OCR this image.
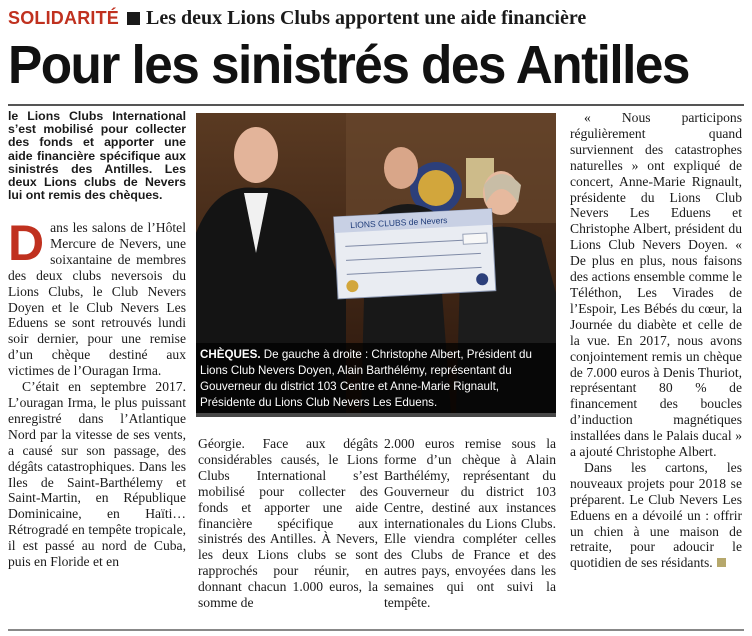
SOLIDARITÉ Les deux Lions Clubs apportent une aide financière
Pour les sinistrés des Antilles

le Lions Clubs International s’est mobilisé pour collecter des fonds et apporter une aide financière spécifique aux sinistrés des Antilles. Les deux Lions clubs de Nevers lui ont remis des chèques.

Dans les salons de l’Hôtel Mercure de Nevers, une soixantaine de membres des deux clubs neversois du Lions Clubs, le Club Nevers Doyen et le Club Nevers Les Eduens se sont retrouvés lundi soir dernier, pour une remise d’un chèque destiné aux victimes de l’Ouragan Irma.

C’était en septembre 2017. L’ouragan Irma, le plus puissant enregistré dans l’Atlantique Nord par la vitesse de ses vents, a causé sur son passage, des dégâts catastrophiques. Dans les Iles de Saint-Barthélemy et Saint-Martin, en République Dominicaine, en Haïti… Rétrogradé en tempête tropicale, il est passé au nord de Cuba, puis en Floride et en

LIONS CLUBS de Nevers

CHÈQUES. De gauche à droite : Christophe Albert, Président du Lions Club Nevers Doyen, Alain Barthélémy, représentant du Gouverneur du district 103 Centre et Anne-Marie Rignault, Présidente du Lions Club Nevers Les Eduens.

Géorgie. Face aux dégâts considérables causés, le Lions Clubs International s’est mobilisé pour collecter des fonds et apporter une aide financière spécifique aux sinistrés des Antilles. À Nevers, les deux Lions clubs se sont rapprochés pour réunir, en donnant chacun 1.000 euros, la somme de

2.000 euros remise sous la forme d’un chèque à Alain Barthélémy, représentant du Gouverneur du district 103 Centre, destiné aux instances internationales du Lions Clubs. Elle viendra compléter celles des Clubs de France et des autres pays, envoyées dans les semaines qui ont suivi la tempête.

« Nous participons régulièrement quand surviennent des catastrophes naturelles » ont expliqué de concert, Anne-Marie Rignault, présidente du Lions Club Nevers Les Eduens et Christophe Albert, président du Lions Club Nevers Doyen. « De plus en plus, nous faisons des actions ensemble comme le Téléthon, Les Virades de l’Espoir, Les Bébés du cœur, la Journée du diabète et celle de la vue. En 2017, nous avons conjointement remis un chèque de 7.000 euros à Denis Thuriot, représentant 80 % de financement des boucles d’induction magnétiques installées dans le Palais ducal » a ajouté Christophe Albert.

Dans les cartons, les nouveaux projets pour 2018 se préparent. Le Club Nevers Les Eduens en a dévoilé un : offrir un chien à une maison de retraite, pour adoucir le quotidien de ses résidants.
